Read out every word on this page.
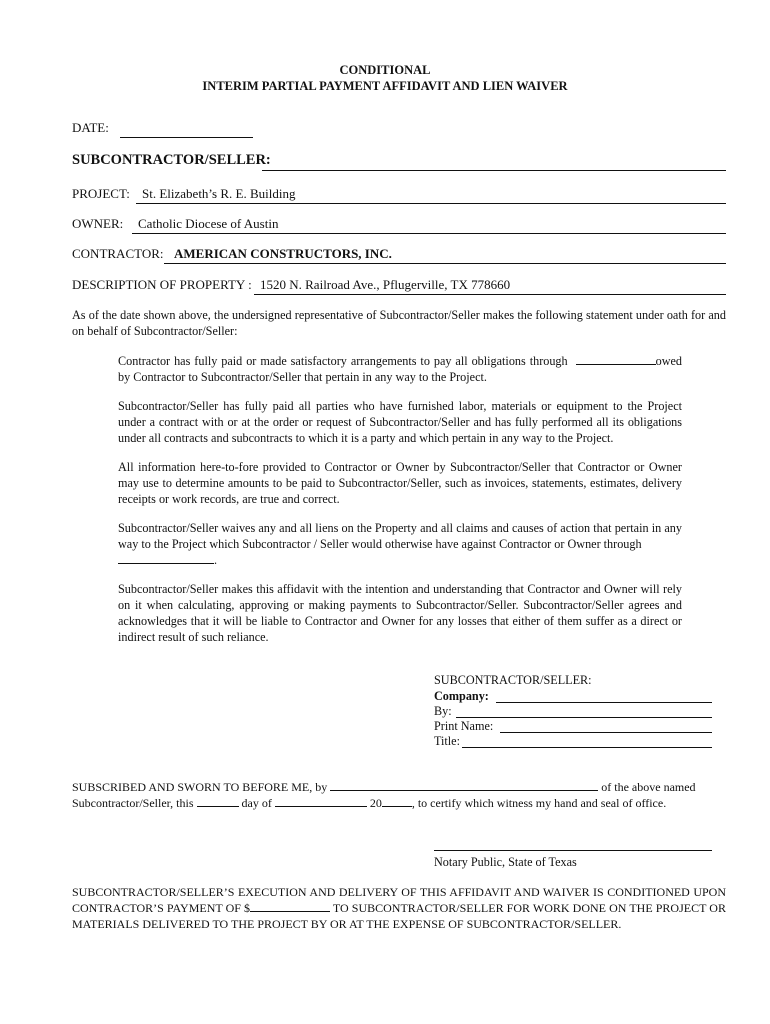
CONDITIONAL
INTERIM PARTIAL PAYMENT AFFIDAVIT AND LIEN WAIVER
DATE:
SUBCONTRACTOR/SELLER:
PROJECT: St. Elizabeth’s R. E. Building
OWNER: Catholic Diocese of Austin
CONTRACTOR: AMERICAN CONSTRUCTORS, INC.
DESCRIPTION OF PROPERTY : 1520 N. Railroad Ave., Pflugerville, TX 778660
As of the date shown above, the undersigned representative of Subcontractor/Seller makes the following statement under oath for and on behalf of Subcontractor/Seller:
Contractor has fully paid or made satisfactory arrangements to pay all obligations through	owed by Contractor to Subcontractor/Seller that pertain in any way to the Project.
Subcontractor/Seller has fully paid all parties who have furnished labor, materials or equipment to the Project under a contract with or at the order or request of Subcontractor/Seller and has fully performed all its obligations under all contracts and subcontracts to which it is a party and which pertain in any way to the Project.
All information here-to-fore provided to Contractor or Owner by Subcontractor/Seller that Contractor or Owner may use to determine amounts to be paid to Subcontractor/Seller, such as invoices, statements, estimates, delivery receipts or work records, are true and correct.
Subcontractor/Seller waives any and all liens on the Property and all claims and causes of action that pertain in any way to the Project which Subcontractor / Seller would otherwise have against Contractor or Owner through
.
Subcontractor/Seller makes this affidavit with the intention and understanding that Contractor and Owner will rely on it when calculating, approving or making payments to Subcontractor/Seller. Subcontractor/Seller agrees and acknowledges that it will be liable to Contractor and Owner for any losses that either of them suffer as a direct or indirect result of such reliance.
SUBCONTRACTOR/SELLER:
Company:
By:
Print Name:
Title:
SUBSCRIBED AND SWORN TO BEFORE ME, by	of the above named
Subcontractor/Seller, this	day of	20	, to certify which witness my hand and seal of office.
Notary Public, State of Texas
SUBCONTRACTOR/SELLER’S EXECUTION AND DELIVERY OF THIS AFFIDAVIT AND WAIVER IS CONDITIONED UPON CONTRACTOR’S PAYMENT OF $	TO SUBCONTRACTOR/SELLER FOR WORK DONE ON THE PROJECT OR MATERIALS DELIVERED TO THE PROJECT BY OR AT THE EXPENSE OF SUBCONTRACTOR/SELLER.
